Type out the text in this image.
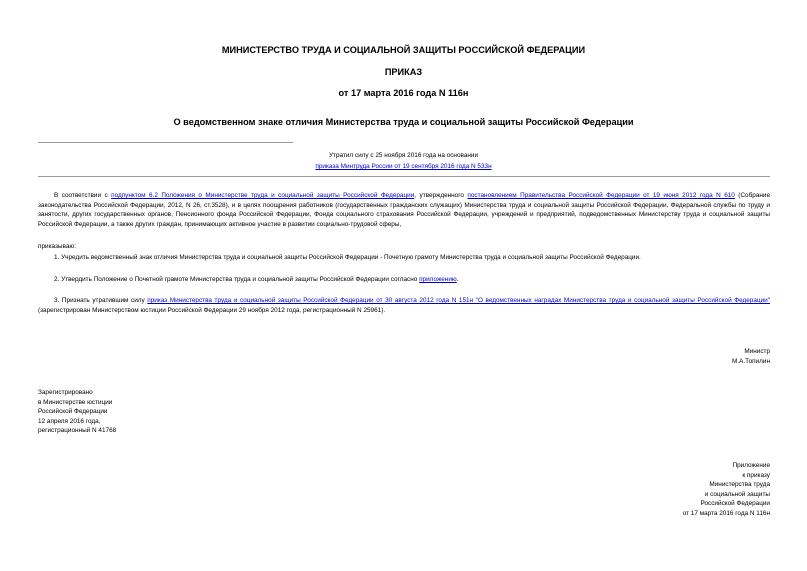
МИНИСТЕРСТВО ТРУДА И СОЦИАЛЬНОЙ ЗАЩИТЫ РОССИЙСКОЙ ФЕДЕРАЦИИ
ПРИКАЗ
от 17 марта 2016 года N 116н
О ведомственном знаке отличия Министерства труда и социальной защиты Российской Федерации
Утратил силу с 25 ноября 2016 года на основании
приказа Минтруда России от 19 сентября 2016 года N 533н
В соответствии с подпунктом 6.2 Положения о Министерстве труда и социальной защиты Российской Федерации, утвержденного постановлением Правительства Российской Федерации от 19 июня 2012 года N 610 (Собрание законодательства Российской Федерации, 2012, N 26, ст.3528), и в целях поощрения работников (государственных гражданских служащих) Министерства труда и социальной защиты Российской Федерации, Федеральной службы по труду и занятости, других государственных органов, Пенсионного фонда Российской Федерации, Фонда социального страхования Российской Федерации, учреждений и предприятий, подведомственных Министерству труда и социальной защиты Российской Федерации, а также других граждан, принимающих активное участие в развитии социально-трудовой сферы,
приказываю:
1. Учредить ведомственный знак отличия Министерства труда и социальной защиты Российской Федерации - Почетную грамоту Министерства труда и социальной защиты Российской Федерации.
2. Утвердить Положение о Почетной грамоте Министерства труда и социальной защиты Российской Федерации согласно приложению.
3. Признать утратившим силу приказ Министерства труда и социальной защиты Российской Федерации от 30 августа 2012 года N 151н "О ведомственных наградах Министерства труда и социальной защиты Российской Федерации" (зарегистрирован Министерством юстиции Российской Федерации 29 ноября 2012 года, регистрационный N 25961).
Министр
М.А.Топилин
Зарегистрировано
в Министерстве юстиции
Российской Федерации
12 апреля 2016 года,
регистрационный N 41768
Приложение
к приказу
Министерства труда
и социальной защиты
Российской Федерации
от 17 марта 2016 года N 116н
